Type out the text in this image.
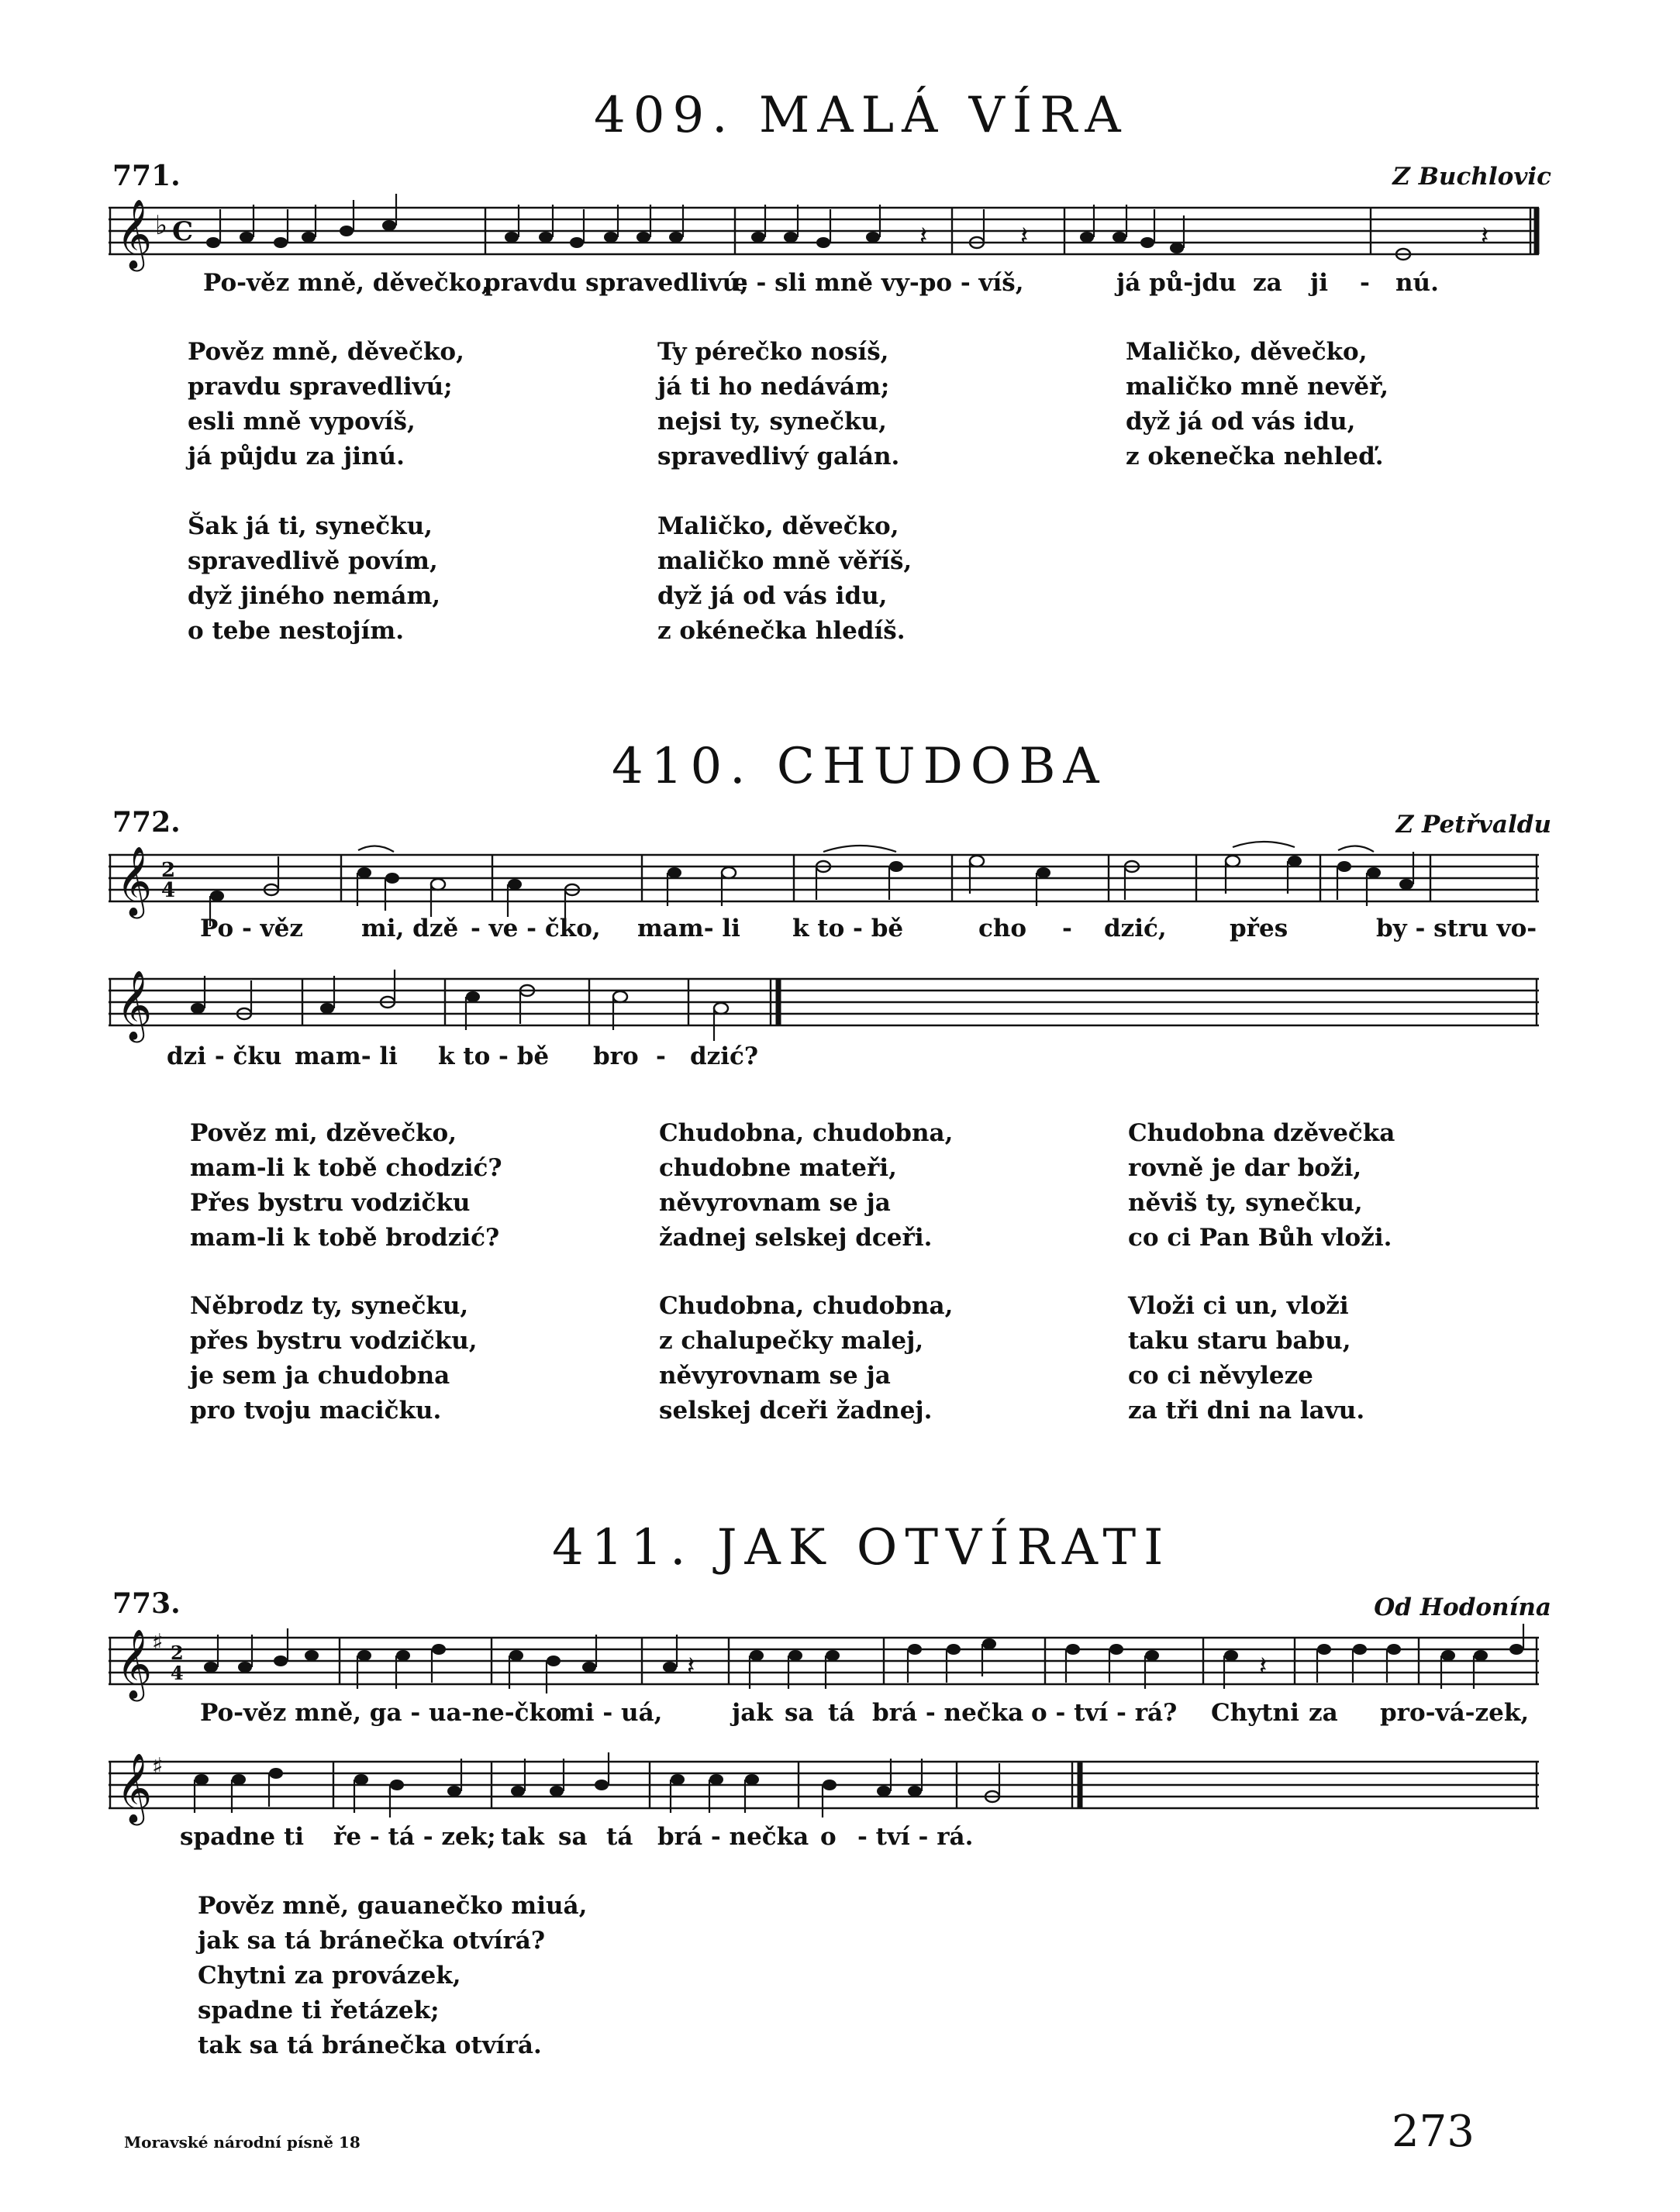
409. MALÁ VÍRA
771.	Z Buchlovic
𝄞 ♭ C	𝄽	𝄽	𝄽
Po-věz mně, děvečko,
pravdu spravedlivú;
e - sli mně vy-po - víš,	já pů-jdu za ji - nú.
Pověz mně, děvečko,
pravdu spravedlivú;
esli mně vypovíš,
já půjdu za jinú.
Ty pérečko nosíš,
já ti ho nedávám;
nejsi ty, synečku,
spravedlivý galán.
Maličko, děvečko,
maličko mně nevěř,
dyž já od vás idu,
z okenečka nehleď.
Šak já ti, synečku,
spravedlivě povím,
dyž jiného nemám,
o tebe nestojím.
Maličko, děvečko,
maličko mně věříš,
dyž já od vás idu,
z okénečka hledíš.
410. CHUDOBA
772.	Z Petřvaldu
𝄞 2
4
Po - věz mi, dzě - ve - čko, mam- li k to - bě	cho - dzić,	přes	by - stru vo-
𝄞
dzi - čku mam- li k to - bě bro - dzić?
Pověz mi, dzěvečko,
mam-li k tobě chodzić?
Přes bystru vodzičku
mam-li k tobě brodzić?
Chudobna, chudobna,
chudobne mateři,
něvyrovnam se ja
žadnej selskej dceři.
Chudobna dzěvečka
rovně je dar boži,
něviš ty, synečku,
co ci Pan Bůh vloži.
Něbrodz ty, synečku,
přes bystru vodzičku,
je sem ja chudobna
pro tvoju macičku.
Chudobna, chudobna,
z chalupečky malej,
něvyrovnam se ja
selskej dceři žadnej.
Vloži ci un, vloži
taku staru babu,
co ci něvyleze
za tři dni na lavu.
411. JAK OTVÍRATI
773.	Od Hodonína
𝄞 ♯ 2
4	𝄽	𝄽
Po-věz mně, ga - ua-ne-čko
mi - uá,	jak sa tá brá - nečka o - tví - rá? Chytni za pro-vá-zek,
𝄞 ♯
spadne ti ře - tá - zek; tak sa tá brá - nečka o - tví - rá.
Pověz mně, gauanečko miuá,
jak sa tá bránečka otvírá?
Chytni za provázek,
spadne ti řetázek;
tak sa tá bránečka otvírá.
Moravské národní písně 18	273
